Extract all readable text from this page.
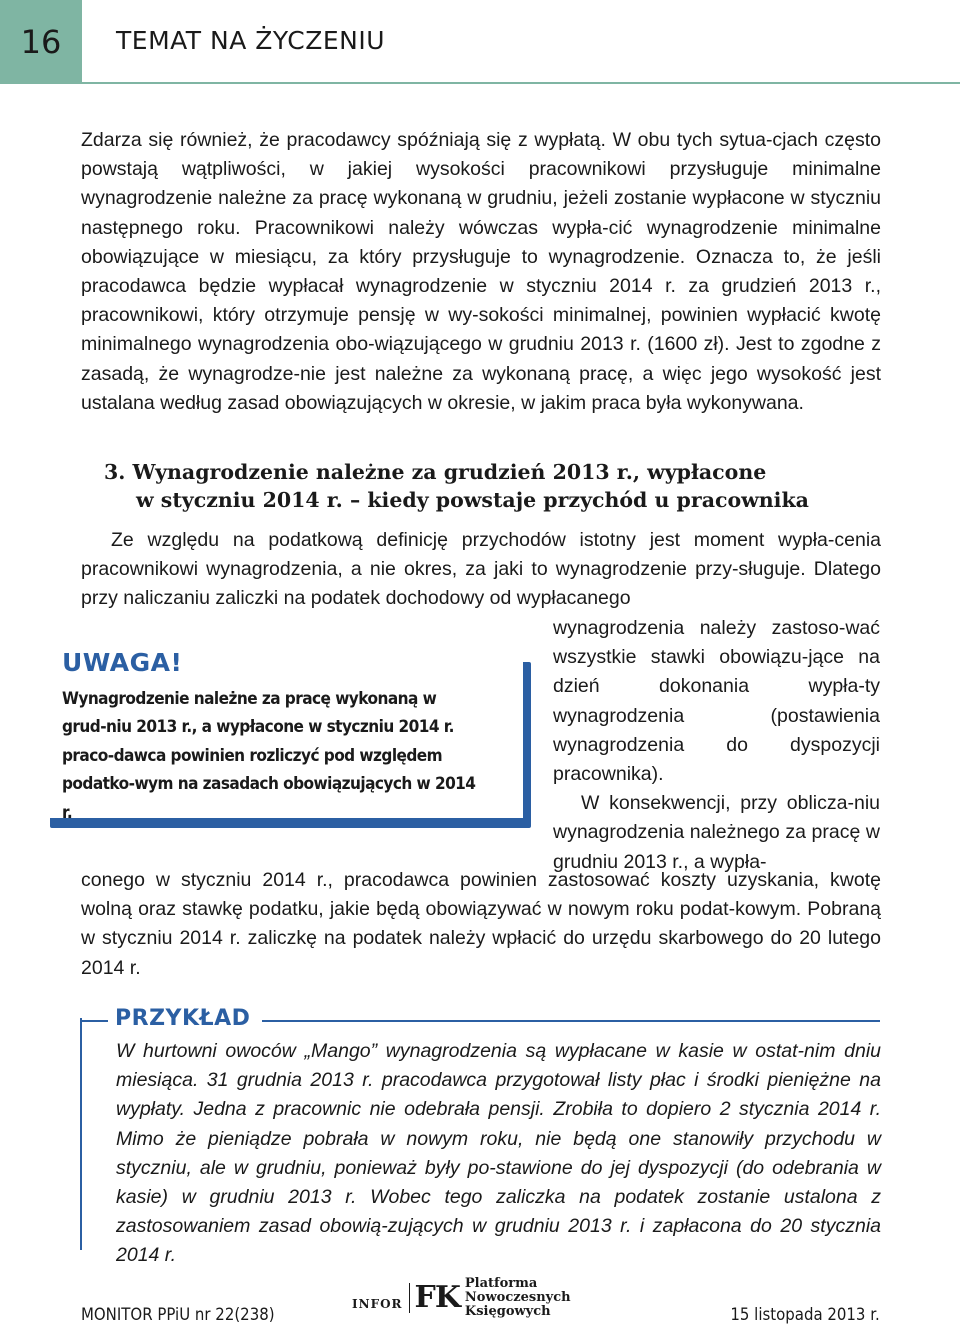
16	TEMAT NA ŻYCZENIU
Zdarza się również, że pracodawcy spóźniają się z wypłatą. W obu tych sytua-cjach często powstają wątpliwości, w jakiej wysokości pracownikowi przysługuje minimalne wynagrodzenie należne za pracę wykonaną w grudniu, jeżeli zostanie wypłacone w styczniu następnego roku. Pracownikowi należy wówczas wypła-cić wynagrodzenie minimalne obowiązujące w miesiącu, za który przysługuje to wynagrodzenie. Oznacza to, że jeśli pracodawca będzie wypłacał wynagrodzenie w styczniu 2014 r. za grudzień 2013 r., pracownikowi, który otrzymuje pensję w wy-sokości minimalnej, powinien wypłacić kwotę minimalnego wynagrodzenia obo-wiązującego w grudniu 2013 r. (1600 zł). Jest to zgodne z zasadą, że wynagrodze-nie jest należne za wykonaną pracę, a więc jego wysokość jest ustalana według zasad obowiązujących w okresie, w jakim praca była wykonywana.
3. Wynagrodzenie należne za grudzień 2013 r., wypłacone
w styczniu 2014 r. – kiedy powstaje przychód u pracownika
Ze względu na podatkową definicję przychodów istotny jest moment wypła-cenia pracownikowi wynagrodzenia, a nie okres, za jaki to wynagrodzenie przy-sługuje. Dlatego przy naliczaniu zaliczki na podatek dochodowy od wypłacanego
wynagrodzenia należy zastoso-wać wszystkie stawki obowiązu-jące na dzień dokonania wypła-ty wynagrodzenia (postawienia wynagrodzenia do dyspozycji pracownika).
W konsekwencji, przy oblicza-niu wynagrodzenia należnego za pracę w grudniu 2013 r., a wypła-
UWAGA!
Wynagrodzenie należne za pracę wykonaną w grud-niu 2013 r., a wypłacone w styczniu 2014 r. praco-dawca powinien rozliczyć pod względem podatko-wym na zasadach obowiązujących w 2014 r.
conego w styczniu 2014 r., pracodawca powinien zastosować koszty uzyskania, kwotę wolną oraz stawkę podatku, jakie będą obowiązywać w nowym roku podat-kowym. Pobraną w styczniu 2014 r. zaliczkę na podatek należy wpłacić do urzędu skarbowego do 20 lutego 2014 r.
PRZYKŁAD
W hurtowni owoców „Mango” wynagrodzenia są wypłacane w kasie w ostat-nim dniu miesiąca. 31 grudnia 2013 r. pracodawca przygotował listy płac i środki pieniężne na wypłaty. Jedna z pracownic nie odebrała pensji. Zrobiła to dopiero 2 stycznia 2014 r. Mimo że pieniądze pobrała w nowym roku, nie będą one stanowiły przychodu w styczniu, ale w grudniu, ponieważ były po-stawione do jej dyspozycji (do odebrania w kasie) w grudniu 2013 r. Wobec tego zaliczka na podatek zostanie ustalona z zastosowaniem zasad obowią-zujących w grudniu 2013 r. i zapłacona do 20 stycznia 2014 r.
MONITOR PPiU nr 22(238)
INFOR FK Platforma
Nowoczesnych Księgowych	15 listopada 2013 r.
